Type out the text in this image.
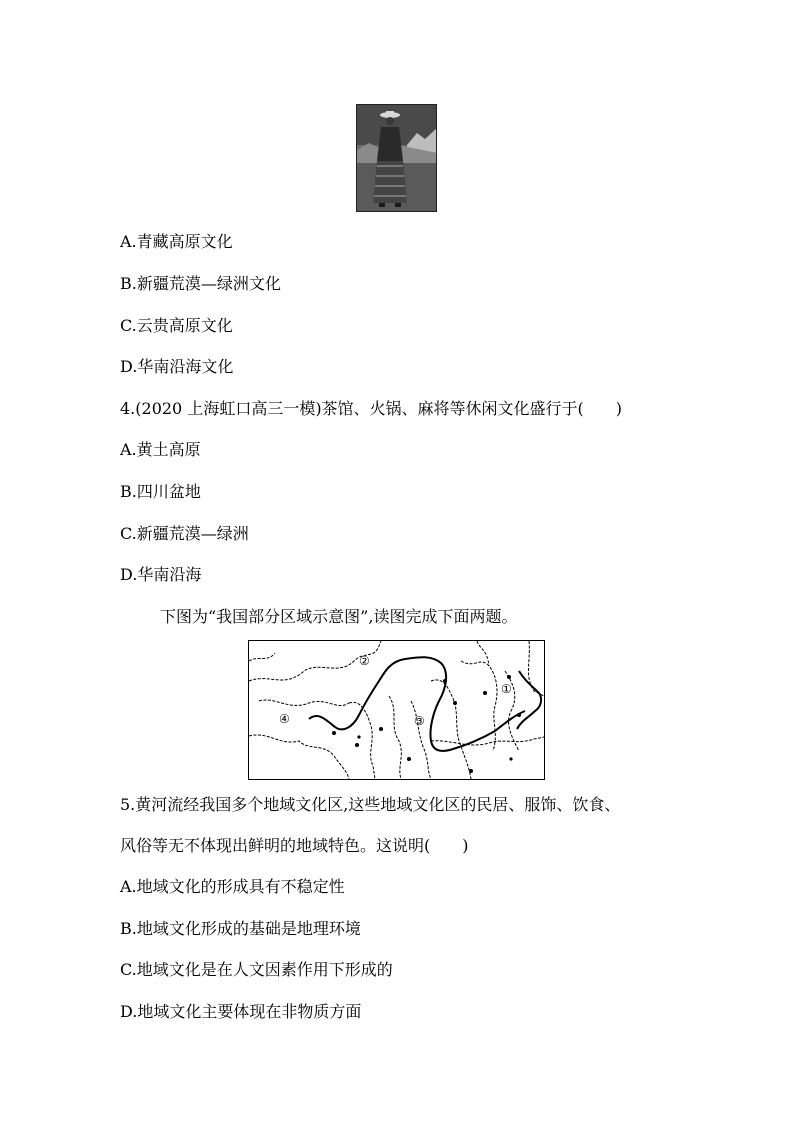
A.青藏高原文化
B.新疆荒漠—绿洲文化
C.云贵高原文化
D.华南沿海文化
4.(2020 上海虹口高三一模)茶馆、火锅、麻将等休闲文化盛行于(　　)
A.黄土高原
B.四川盆地
C.新疆荒漠—绿洲
D.华南沿海
下图为“我国部分区域示意图”,读图完成下面两题。
①
②
③
④
5.黄河流经我国多个地域文化区,这些地域文化区的民居、服饰、饮食、
风俗等无不体现出鲜明的地域特色。这说明(　　)
A.地域文化的形成具有不稳定性
B.地域文化形成的基础是地理环境
C.地域文化是在人文因素作用下形成的
D.地域文化主要体现在非物质方面
